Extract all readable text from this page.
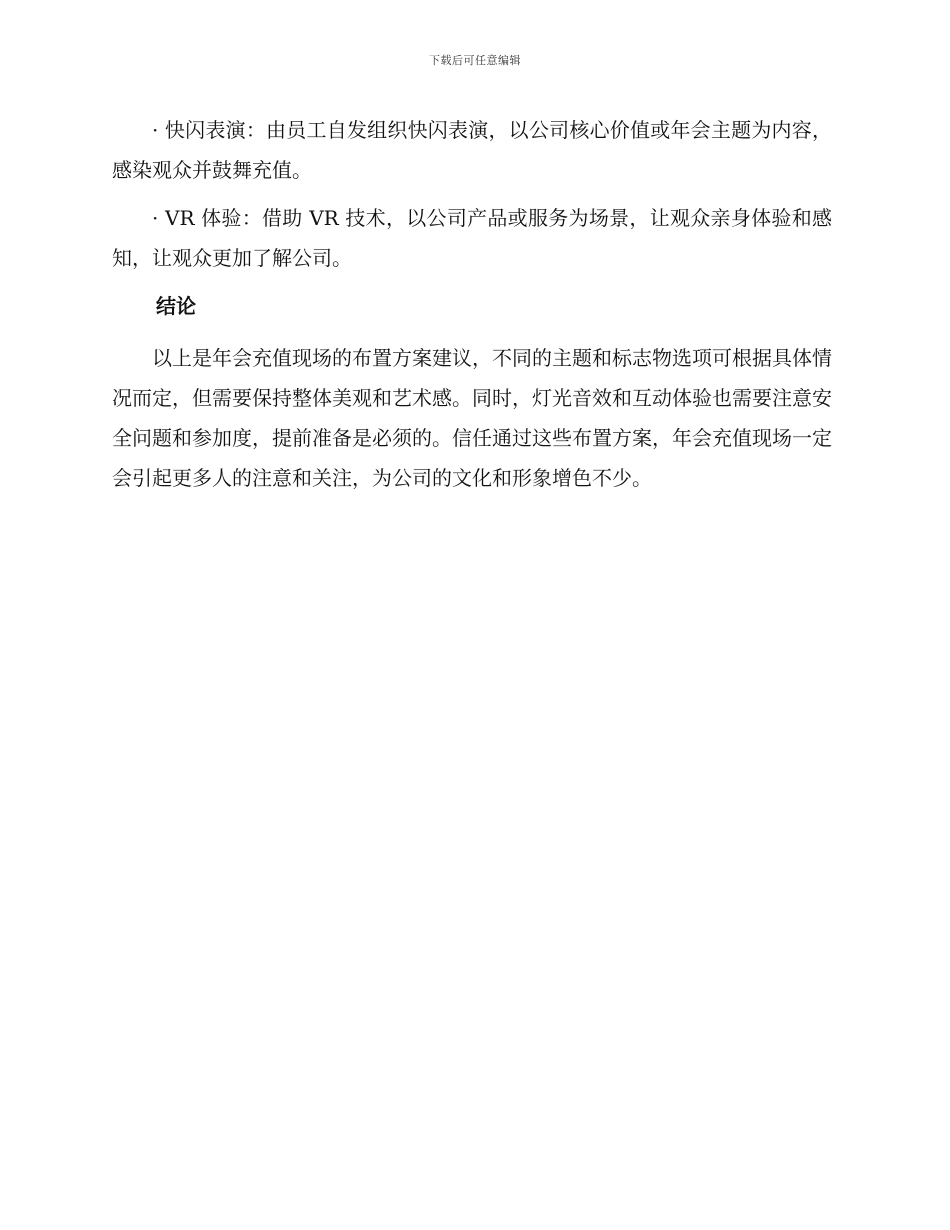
下载后可任意编辑

· 快闪表演：由员工自发组织快闪表演，以公司核心价值或年会主题为内容，感染观众并鼓舞充值。

· VR 体验：借助 VR 技术，以公司产品或服务为场景，让观众亲身体验和感知，让观众更加了解公司。

结论

以上是年会充值现场的布置方案建议，不同的主题和标志物选项可根据具体情况而定，但需要保持整体美观和艺术感。同时，灯光音效和互动体验也需要注意安全问题和参加度，提前准备是必须的。信任通过这些布置方案，年会充值现场一定会引起更多人的注意和关注，为公司的文化和形象增色不少。
